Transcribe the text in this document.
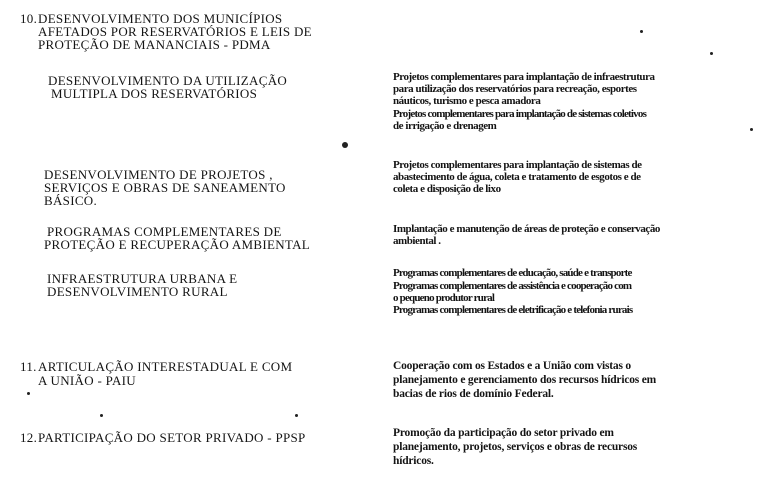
10. DESENVOLVIMENTO DOS MUNICÍPIOS
AFETADOS POR RESERVATÓRIOS E LEIS DE
PROTEÇÃO DE MANANCIAIS - PDMA
DESENVOLVIMENTO DA UTILIZAÇÃO
MULTIPLA DOS RESERVATÓRIOS
Projetos complementares para implantação de infraestrutura
para utilização dos reservatórios para recreação, esportes
náuticos, turismo e pesca amadora
Projetos complementares para implantação de sistemas coletivos
de irrigação e drenagem
DESENVOLVIMENTO DE PROJETOS ,
SERVIÇOS E OBRAS DE SANEAMENTO
BÁSICO.
Projetos complementares para implantação de sistemas de
abastecimento de água, coleta e tratamento de esgotos e de
coleta e disposição de lixo
PROGRAMAS COMPLEMENTARES DE
PROTEÇÃO E RECUPERAÇÃO AMBIENTAL
Implantação e manutenção de áreas de proteção e conservação
ambiental .
INFRAESTRUTURA URBANA E
DESENVOLVIMENTO RURAL
Programas complementares de educação, saúde e transporte
Programas complementares de assistência e cooperação com
o pequeno produtor rural
Programas complementares de eletrificação e telefonia rurais
11. ARTICULAÇÃO INTERESTADUAL E COM
A UNIÃO - PAIU
Cooperação com os Estados e a União com vistas o
planejamento e gerenciamento dos recursos hídricos em
bacias de rios de domínio Federal.
12. PARTICIPAÇÃO DO SETOR PRIVADO - PPSP	Promoção da participação do setor privado em
planejamento, projetos, serviços e obras de recursos
hídricos.
